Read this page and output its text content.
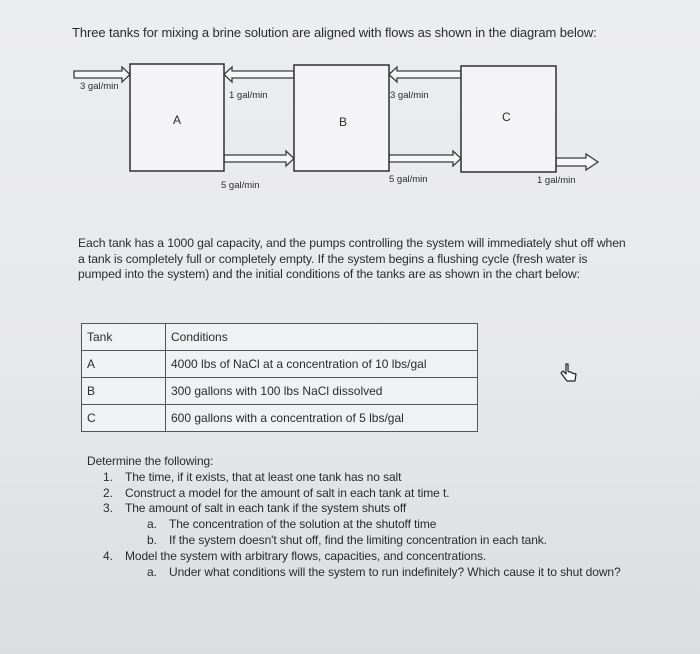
Three tanks for mixing a brine solution are aligned with flows as shown in the diagram below:
3 gal/min
1 gal/min	3 gal/min
5 gal/min
5 gal/min	1 gal/min
A	B	C
Each tank has a 1000 gal capacity, and the pumps controlling the system will immediately shut off when a tank is completely full or completely empty. If the system begins a flushing cycle (fresh water is pumped into the system) and the initial conditions of the tanks are as shown in the chart below:
Tank	Conditions
A	4000 lbs of NaCl at a concentration of 10 lbs/gal
B	300 gallons with 100 lbs NaCl dissolved
C	600 gallons with a concentration of 5 lbs/gal
Determine the following:
1. The time, if it exists, that at least one tank has no salt
2. Construct a model for the amount of salt in each tank at time t.
3. The amount of salt in each tank if the system shuts off
a. The concentration of the solution at the shutoff time
b. If the system doesn't shut off, find the limiting concentration in each tank.
4. Model the system with arbitrary flows, capacities, and concentrations.
a. Under what conditions will the system to run indefinitely? Which cause it to shut down?
